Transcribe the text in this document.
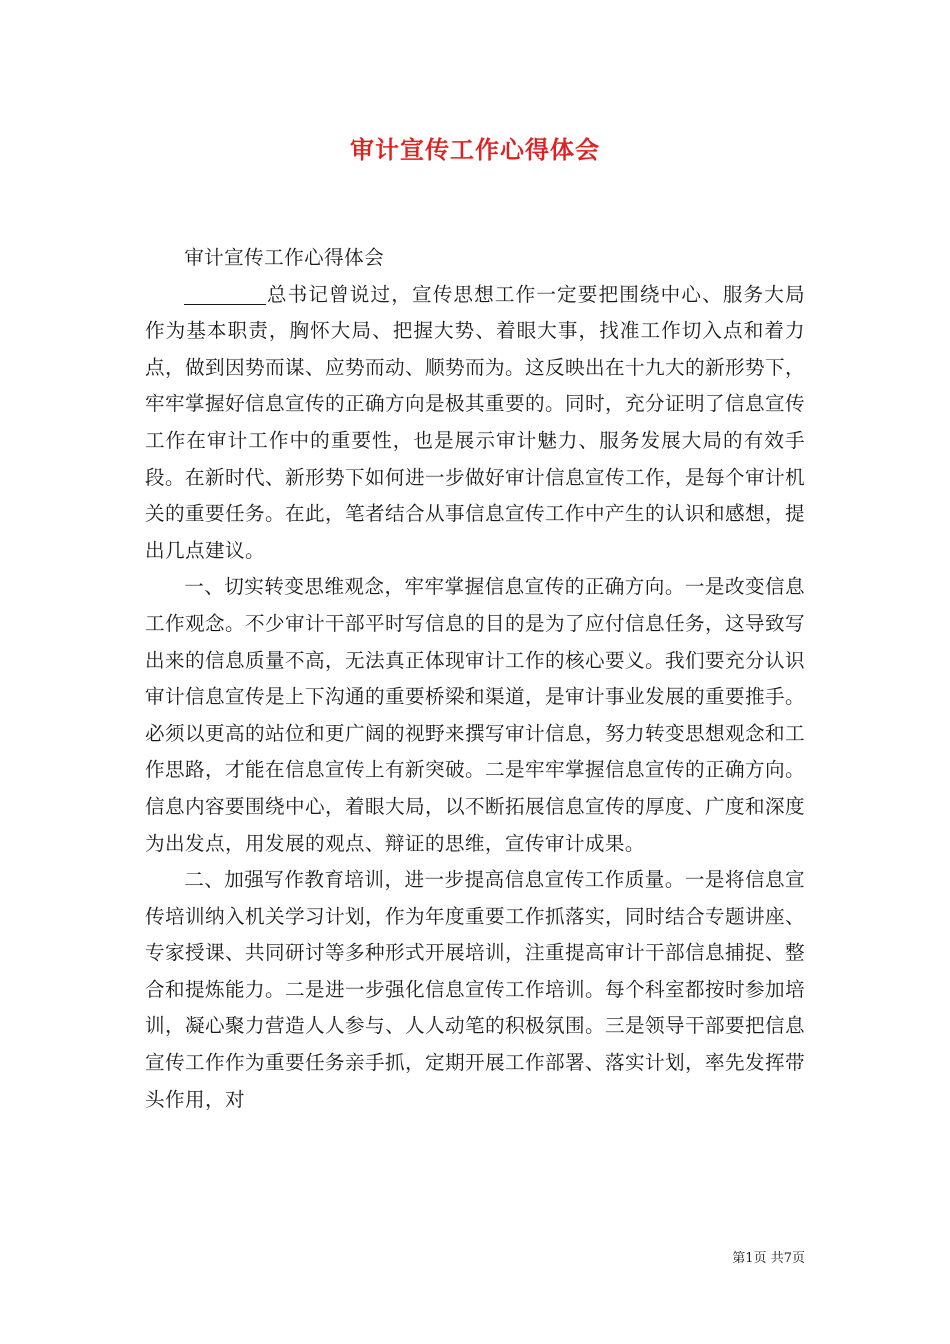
审计宣传工作心得体会

审计宣传工作心得体会

总书记曾说过，宣传思想工作一定要把围绕中心、服务大局作为基本职责，胸怀大局、把握大势、着眼大事，找准工作切入点和着力点，做到因势而谋、应势而动、顺势而为。这反映出在十九大的新形势下，牢牢掌握好信息宣传的正确方向是极其重要的。同时，充分证明了信息宣传工作在审计工作中的重要性，也是展示审计魅力、服务发展大局的有效手段。在新时代、新形势下如何进一步做好审计信息宣传工作，是每个审计机关的重要任务。在此，笔者结合从事信息宣传工作中产生的认识和感想，提出几点建议。

一、切实转变思维观念，牢牢掌握信息宣传的正确方向。一是改变信息工作观念。不少审计干部平时写信息的目的是为了应付信息任务，这导致写出来的信息质量不高，无法真正体现审计工作的核心要义。我们要充分认识审计信息宣传是上下沟通的重要桥梁和渠道，是审计事业发展的重要推手。必须以更高的站位和更广阔的视野来撰写审计信息，努力转变思想观念和工作思路，才能在信息宣传上有新突破。二是牢牢掌握信息宣传的正确方向。信息内容要围绕中心，着眼大局，以不断拓展信息宣传的厚度、广度和深度为出发点，用发展的观点、辩证的思维，宣传审计成果。

二、加强写作教育培训，进一步提高信息宣传工作质量。一是将信息宣传培训纳入机关学习计划，作为年度重要工作抓落实，同时结合专题讲座、专家授课、共同研讨等多种形式开展培训，注重提高审计干部信息捕捉、整合和提炼能力。二是进一步强化信息宣传工作培训。每个科室都按时参加培训，凝心聚力营造人人参与、人人动笔的积极氛围。三是领导干部要把信息宣传工作作为重要任务亲手抓，定期开展工作部署、落实计划，率先发挥带头作用，对

第1页 共7页
